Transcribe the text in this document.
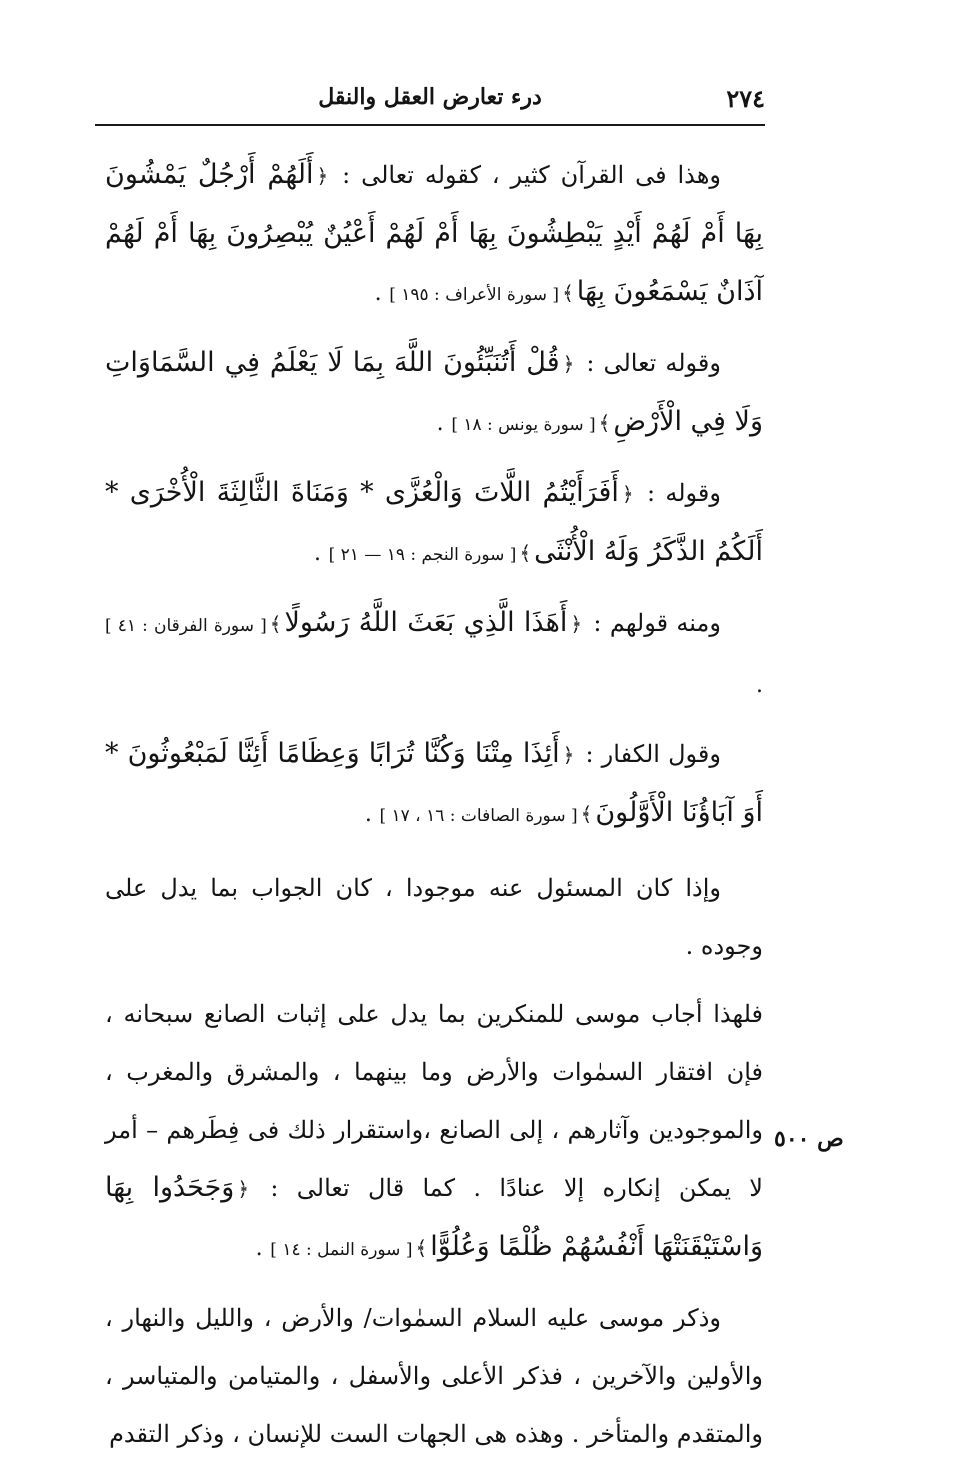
٢٧٤
درء تعارض العقل والنقل
ص ٥٠٠

وهذا فى القرآن كثير ، كقوله تعالى : ﴿أَلَهُمْ أَرْجُلٌ يَمْشُونَ بِهَا أَمْ لَهُمْ أَيْدٍ يَبْطِشُونَ بِهَا أَمْ لَهُمْ أَعْيُنٌ يُبْصِرُونَ بِهَا أَمْ لَهُمْ آذَانٌ يَسْمَعُونَ بِهَا﴾[ سورة الأعراف : ١٩٥ ] .

وقوله تعالى : ﴿قُلْ أَتُنَبِّئُونَ اللَّهَ بِمَا لَا يَعْلَمُ فِي السَّمَاوَاتِ وَلَا فِي الْأَرْضِ﴾[ سورة يونس : ١٨ ] .

وقوله : ﴿أَفَرَأَيْتُمُ اللَّاتَ وَالْعُزَّى * وَمَنَاةَ الثَّالِثَةَ الْأُخْرَى * أَلَكُمُ الذَّكَرُ وَلَهُ الْأُنْثَى﴾[ سورة النجم : ١٩ — ٢١ ] .

ومنه قولهم : ﴿أَهَذَا الَّذِي بَعَثَ اللَّهُ رَسُولًا﴾[ سورة الفرقان : ٤١ ] .

وقول الكفار : ﴿أَئِذَا مِتْنَا وَكُنَّا تُرَابًا وَعِظَامًا أَئِنَّا لَمَبْعُوثُونَ * أَوَ آبَاؤُنَا الْأَوَّلُونَ﴾[ سورة الصافات : ١٦ ، ١٧ ] .

وإذا كان المسئول عنه موجودا ، كان الجواب بما يدل على وجوده .

فلهذا أجاب موسى للمنكرين بما يدل على إثبات الصانع سبحانه ، فإن افتقار السمٰوات والأرض وما بينهما ، والمشرق والمغرب ، والموجودين وآثارهم ، إلى الصانع ،واستقرار ذلك فى فِطَرهم – أمر لا يمكن إنكاره إلا عنادًا . كما قال تعالى : ﴿وَجَحَدُوا بِهَا وَاسْتَيْقَنَتْهَا أَنْفُسُهُمْ ظُلْمًا وَعُلُوًّا﴾[ سورة النمل : ١٤ ] .

وذكر موسى عليه السلام السمٰوات/ والأرض ، والليل والنهار ، والأولين والآخرين ، فذكر الأعلى والأسفل ، والمتيامن والمتياسر ، والمتقدم والمتأخر . وهذه هى الجهات الست للإنسان ، وذكر التقدم
